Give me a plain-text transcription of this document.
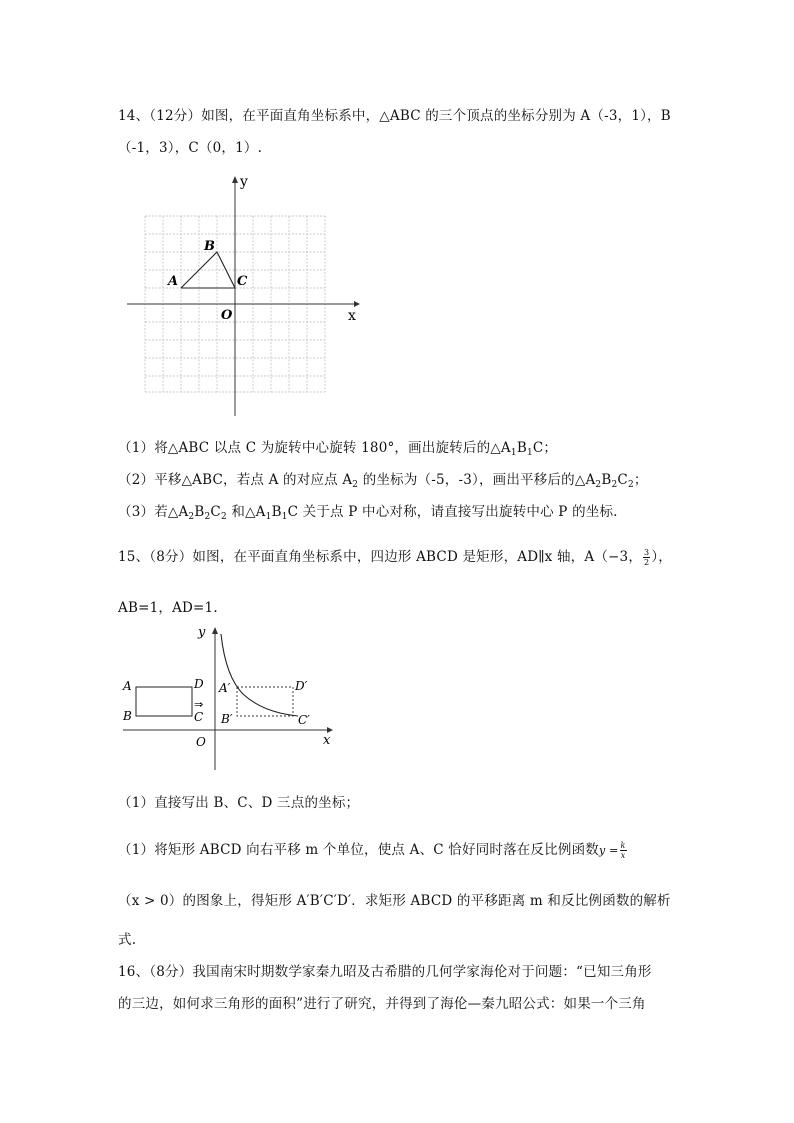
14、（12分）如图，在平面直角坐标系中，△ABC 的三个顶点的坐标分别为 A（-3，1），B
（-1，3），C（0，1）.
y
x
O
A
B
C
（1）将△ABC 以点 C 为旋转中心旋转 180°，画出旋转后的$\triangle A_1B_1C$；
（2）平移△ABC，若点 A 的对应点 $A_2$ 的坐标为（-5，-3），画出平移后的$\triangle A_2B_2C_2$；
（3）若$\triangle A_2B_2C_2$ 和$\triangle A_1B_1C$ 关于点 P 中心对称，请直接写出旋转中心 P 的坐标.
15、（8分）如图，在平面直角坐标系中，四边形 ABCD 是矩形，AD∥x 轴，A（−3， $\frac{3}{2}$ ），
AB=1，AD=1.
y
x
O
A
B
D
⇒
C
A′	D′
B′	C′
（1）直接写出 B、C、D 三点的坐标；
（1）将矩形 ABCD 向右平移 m 个单位，使点 A、C 恰好同时落在反比例函数$y = \frac{k}{x}$
（x > 0）的图象上，得矩形 A′B′C′D′．求矩形 ABCD 的平移距离 m 和反比例函数的解析
式.
16、（8分）我国南宋时期数学家秦九昭及古希腊的几何学家海伦对于问题：“已知三角形
的三边，如何求三角形的面积”进行了研究，并得到了海伦—秦九昭公式：如果一个三角
